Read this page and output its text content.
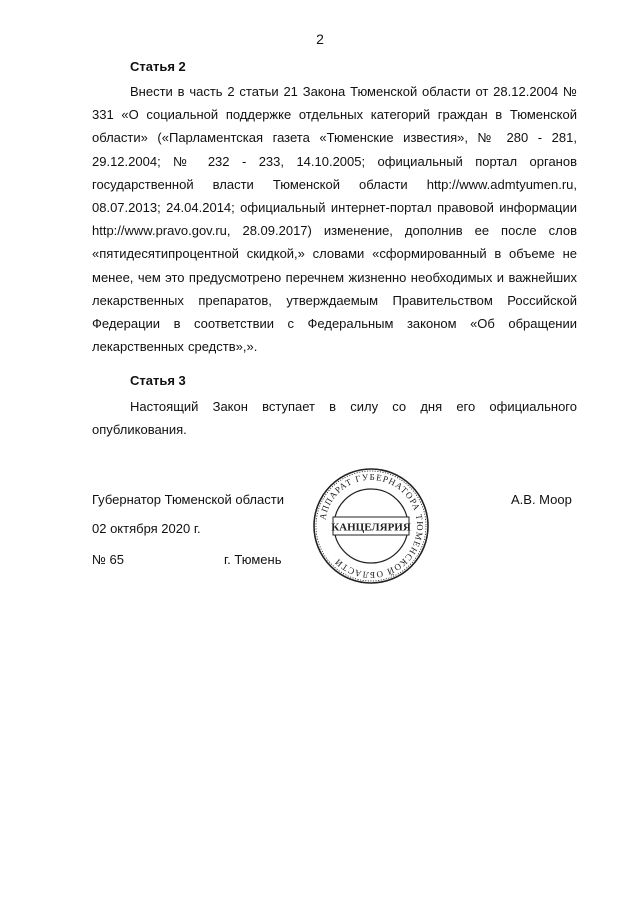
2
Статья 2

Внести в часть 2 статьи 21 Закона Тюменской области от 28.12.2004 № 331 «О социальной поддержке отдельных категорий граждан в Тюменской области» («Парламентская газета «Тюменские известия», № 280 - 281, 29.12.2004; № 232 - 233, 14.10.2005; официальный портал органов государственной власти Тюменской области http://www.admtyumen.ru, 08.07.2013; 24.04.2014; официальный интернет-портал правовой информации http://www.pravo.gov.ru, 28.09.2017) изменение, дополнив ее после слов «пятидесятипроцентной скидкой,» словами «сформированный в объеме не менее, чем это предусмотрено перечнем жизненно необходимых и важнейших лекарственных препаратов, утверждаемым Правительством Российской Федерации в соответствии с Федеральным законом «Об обращении лекарственных средств»,».

Статья 3

Настоящий Закон вступает в силу со дня его официального опубликования.

Губернатор Тюменской области
02 октября 2020 г.
№ 65	г. Тюмень
А.В. Моор
АППАРАТ ГУБЕРНАТОРА ТЮМЕНСКОЙ ОБЛАСТИ
КАНЦЕЛЯРИЯ
